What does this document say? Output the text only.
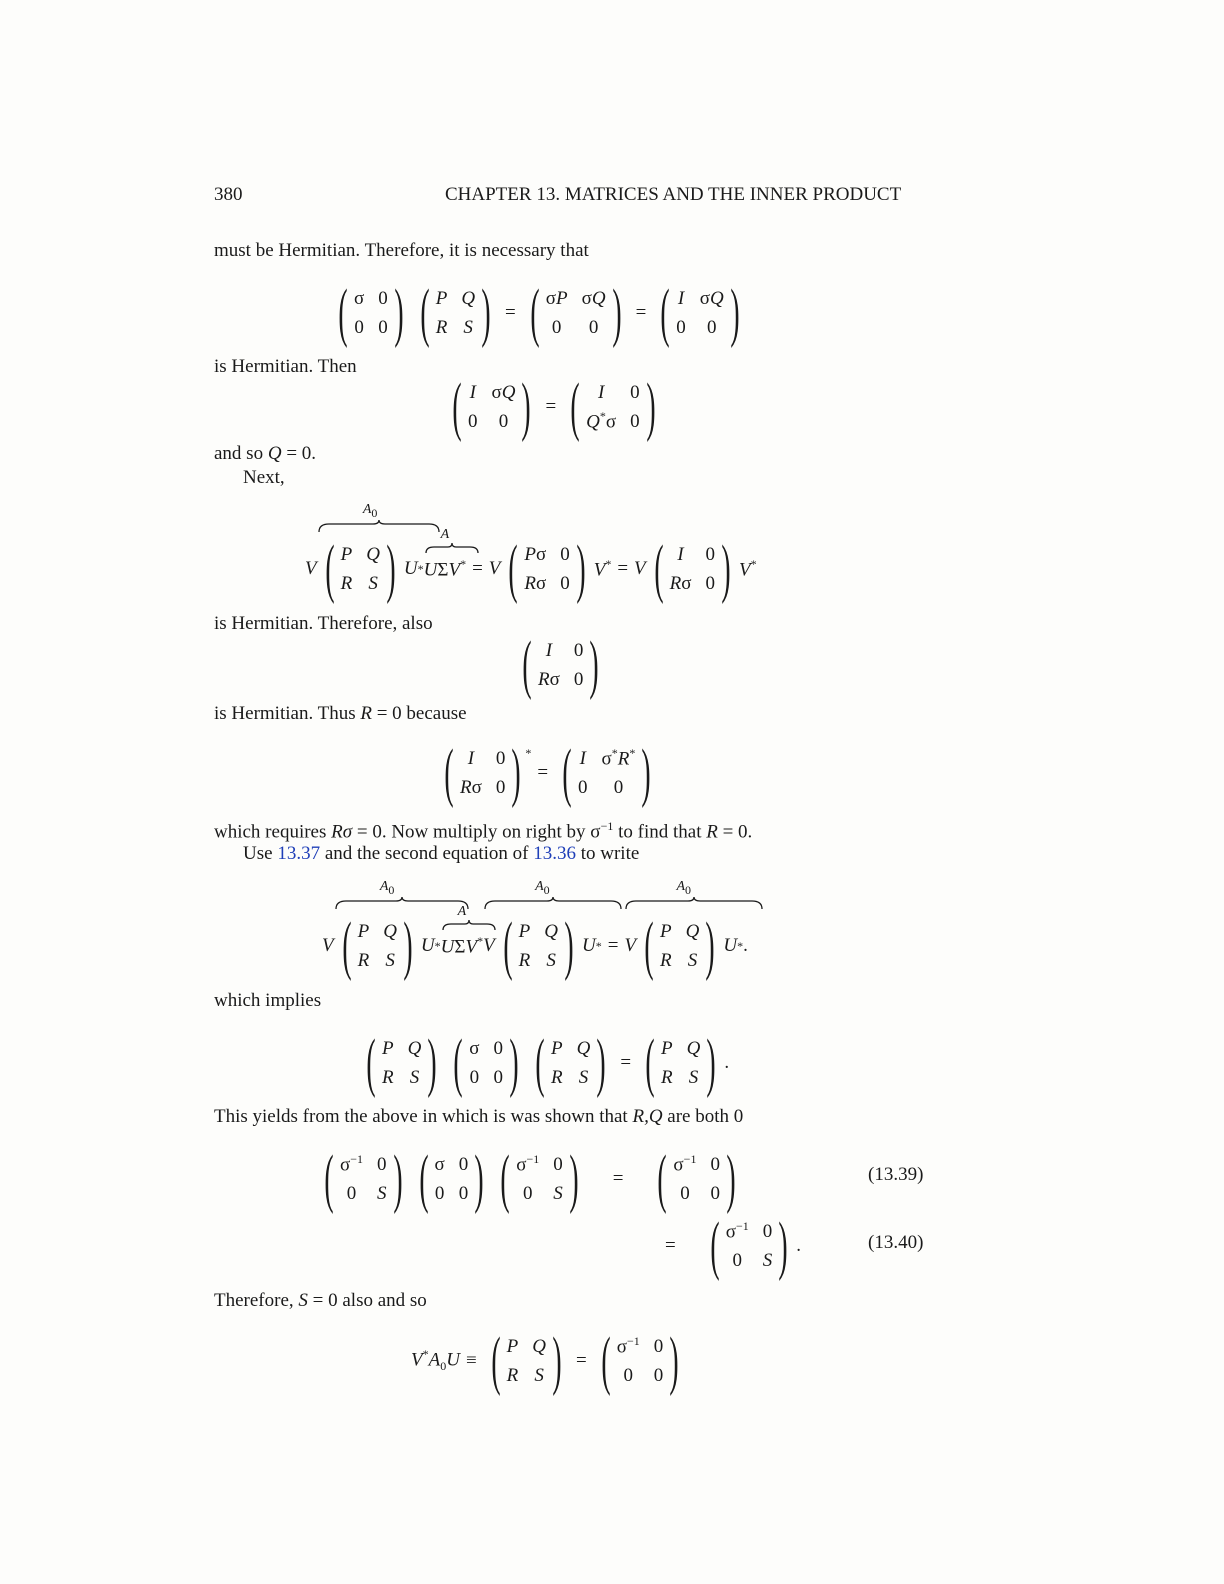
380	CHAPTER 13. MATRICES AND THE INNER PRODUCT
must be Hermitian. Therefore, it is necessary that
( σ 0
0 0 ) ( P Q
R S ) = ( σP σQ
0 0 ) = ( I σQ
0 0 )
is Hermitian. Then
( I σQ
0 0 ) = ( I 0
Q*σ 0 )
and so Q = 0.
Next,
V
$A_0$
( P Q
R S ) U *
A
UΣV* = V ( Pσ 0
Rσ 0 ) V* = V ( I 0
Rσ 0 ) V*
is Hermitian. Therefore, also
( I 0
Rσ 0 )
is Hermitian. Thus R = 0 because
( I 0
Rσ 0 ) *
= ( I σ*R*
0 0 )
which requires Rσ = 0. Now multiply on right by $\sigma^{-1}$ to find that R = 0.
Use 13.37 and the second equation of 13.36 to write
V
$A_0$
( P Q
R S ) U *
A
UΣV*
$A_0$
V ( P Q
R S ) U * =
$A_0$
V ( P Q
R S ) U * .
which implies
( P Q
R S ) ( σ 0
0 0 ) ( P Q
R S ) = ( P Q
R S ) .
This yields from the above in which is was shown that R,Q are both 0
( $\sigma^{-1}$ 0
0 S ) ( σ 0
0 0 ) ( $\sigma^{-1}$ 0
0 S ) = ( $\sigma^{-1}$ 0
0 0 )	(13.39)
= ( $\sigma^{-1}$ 0
0 S ) .	(13.40)
Therefore, S = 0 also and so
$V^*A_0U$ ≡ ( P Q
R S ) = ( $\sigma^{-1}$ 0
0 0 )
